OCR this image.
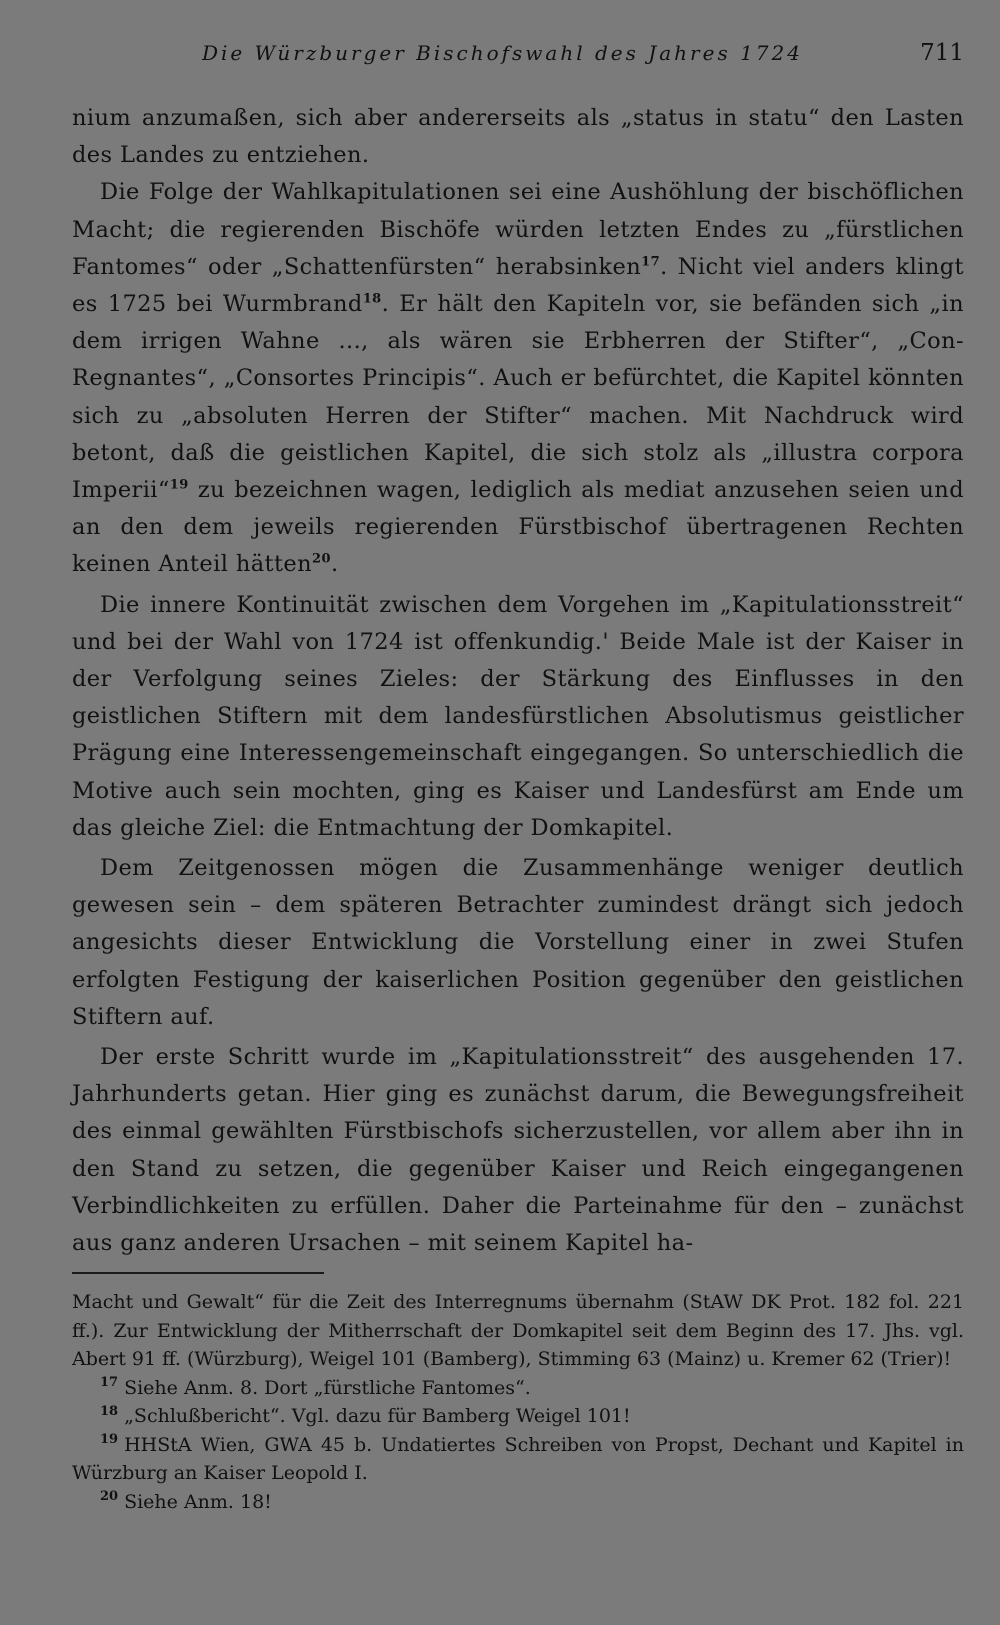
Die Würzburger Bischofswahl des Jahres 1724	711

nium anzumaßen, sich aber andererseits als „status in statu“ den Lasten des Landes zu entziehen.

Die Folge der Wahlkapitulationen sei eine Aushöhlung der bischöflichen Macht; die regierenden Bischöfe würden letzten Endes zu „fürstlichen Fantomes“ oder „Schattenfürsten“ herabsinken$^{17}$. Nicht viel anders klingt es 1725 bei Wurmbrand$^{18}$. Er hält den Kapiteln vor, sie befänden sich „in dem irrigen Wahne ..., als wären sie Erbherren der Stifter“, „Con-Regnantes“, „Consortes Principis“. Auch er befürchtet, die Kapitel könnten sich zu „absoluten Herren der Stifter“ machen. Mit Nachdruck wird betont, daß die geistlichen Kapitel, die sich stolz als „illustra corpora Imperii“$^{19}$ zu bezeichnen wagen, lediglich als mediat anzusehen seien und an den dem jeweils regierenden Fürstbischof übertragenen Rechten keinen Anteil hätten$^{20}$.

Die innere Kontinuität zwischen dem Vorgehen im „Kapitulationsstreit“ und bei der Wahl von 1724 ist offenkundig.' Beide Male ist der Kaiser in der Verfolgung seines Zieles: der Stärkung des Einflusses in den geistlichen Stiftern mit dem landesfürstlichen Absolutismus geistlicher Prägung eine Interessengemeinschaft eingegangen. So unterschiedlich die Motive auch sein mochten, ging es Kaiser und Landesfürst am Ende um das gleiche Ziel: die Entmachtung der Domkapitel.

Dem Zeitgenossen mögen die Zusammenhänge weniger deutlich gewesen sein – dem späteren Betrachter zumindest drängt sich jedoch angesichts dieser Entwicklung die Vorstellung einer in zwei Stufen erfolgten Festigung der kaiserlichen Position gegenüber den geistlichen Stiftern auf.

Der erste Schritt wurde im „Kapitulationsstreit“ des ausgehenden 17. Jahrhunderts getan. Hier ging es zunächst darum, die Bewegungsfreiheit des einmal gewählten Fürstbischofs sicherzustellen, vor allem aber ihn in den Stand zu setzen, die gegenüber Kaiser und Reich eingegangenen Verbindlichkeiten zu erfüllen. Daher die Parteinahme für den – zunächst aus ganz anderen Ursachen – mit seinem Kapitel ha-

Macht und Gewalt“ für die Zeit des Interregnums übernahm (StAW DK Prot. 182 fol. 221 ff.). Zur Entwicklung der Mitherrschaft der Domkapitel seit dem Beginn des 17. Jhs. vgl. Abert 91 ff. (Würzburg), Weigel 101 (Bamberg), Stimming 63 (Mainz) u. Kremer 62 (Trier)!

$^{17}$ Siehe Anm. 8. Dort „fürstliche Fantomes“.

$^{18}$ „Schlußbericht“. Vgl. dazu für Bamberg Weigel 101!

$^{19}$ HHStA Wien, GWA 45 b. Undatiertes Schreiben von Propst, Dechant und Kapitel in Würzburg an Kaiser Leopold I.

$^{20}$ Siehe Anm. 18!
